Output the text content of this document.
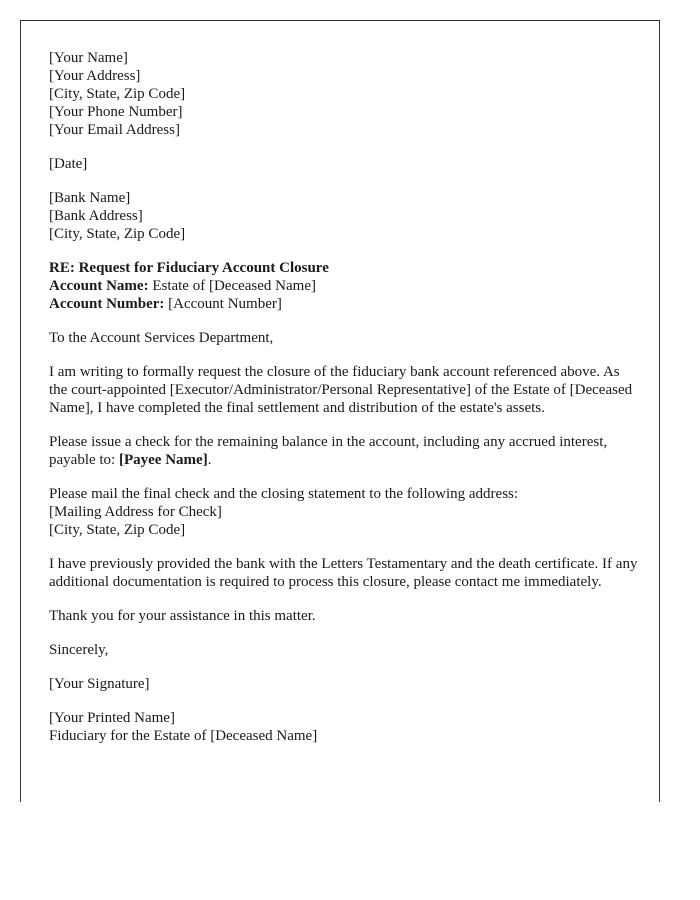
[Your Name]
[Your Address]
[City, State, Zip Code]
[Your Phone Number]
[Your Email Address]
[Date]
[Bank Name]
[Bank Address]
[City, State, Zip Code]
RE: Request for Fiduciary Account Closure
Account Name: Estate of [Deceased Name]
Account Number: [Account Number]

To the Account Services Department,

I am writing to formally request the closure of the fiduciary bank account referenced above. As the court-appointed [Executor/Administrator/Personal Representative] of the Estate of [Deceased Name], I have completed the final settlement and distribution of the estate's assets.

Please issue a check for the remaining balance in the account, including any accrued interest, payable to: [Payee Name].

Please mail the final check and the closing statement to the following address:
[Mailing Address for Check]
[City, State, Zip Code]

I have previously provided the bank with the Letters Testamentary and the death certificate. If any additional documentation is required to process this closure, please contact me immediately.

Thank you for your assistance in this matter.

Sincerely,

[Your Signature]

[Your Printed Name]
Fiduciary for the Estate of [Deceased Name]
